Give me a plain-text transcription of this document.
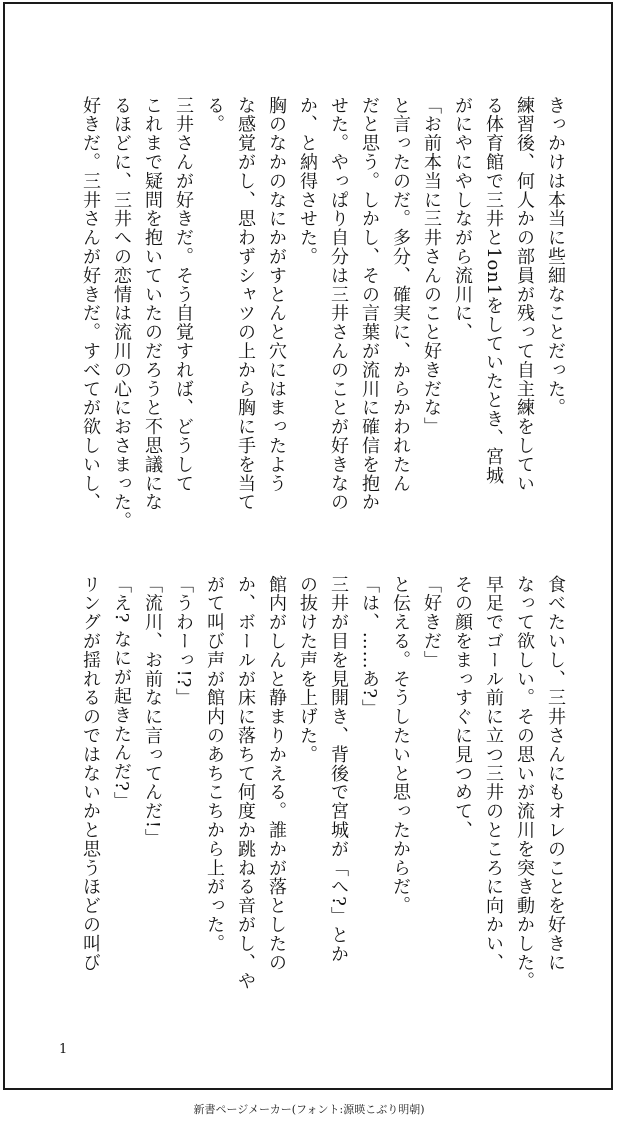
きっかけは本当に些細なことだった。
練習後、何人かの部員が残って自主練をしてい
る体育館で三井と1on1をしていたとき、宮城
がにやにやしながら流川に、
「お前本当に三井さんのこと好きだな」
と言ったのだ。多分、確実に、からかわれたん
だと思う。しかし、その言葉が流川に確信を抱か
せた。やっぱり自分は三井さんのことが好きなの
か、と納得させた。
胸のなかのなにかがすとんと穴にはまったよう
な感覚がし、思わずシャツの上から胸に手を当て
る。
三井さんが好きだ。そう自覚すれば、どうして
これまで疑問を抱いていたのだろうと不思議にな
るほどに、三井への恋情は流川の心におさまった。
好きだ。三井さんが好きだ。すべてが欲しいし、
食べたいし、三井さんにもオレのことを好きに
なって欲しい。その思いが流川を突き動かした。
早足でゴール前に立つ三井のところに向かい、
その顔をまっすぐに見つめて、
「好きだ」
と伝える。そうしたいと思ったからだ。
「は、……あ?」
三井が目を見開き、背後で宮城が「へ?」とか
の抜けた声を上げた。
館内がしんと静まりかえる。誰かが落としたの
か、ボールが床に落ちて何度か跳ねる音がし、や
がて叫び声が館内のあちこちから上がった。
「うわーっ!?」
「流川、お前なに言ってんだ!」
「え? なにが起きたんだ?」
リングが揺れるのではないかと思うほどの叫び
1
新書ページメーカー(フォント:源暎こぶり明朝)
